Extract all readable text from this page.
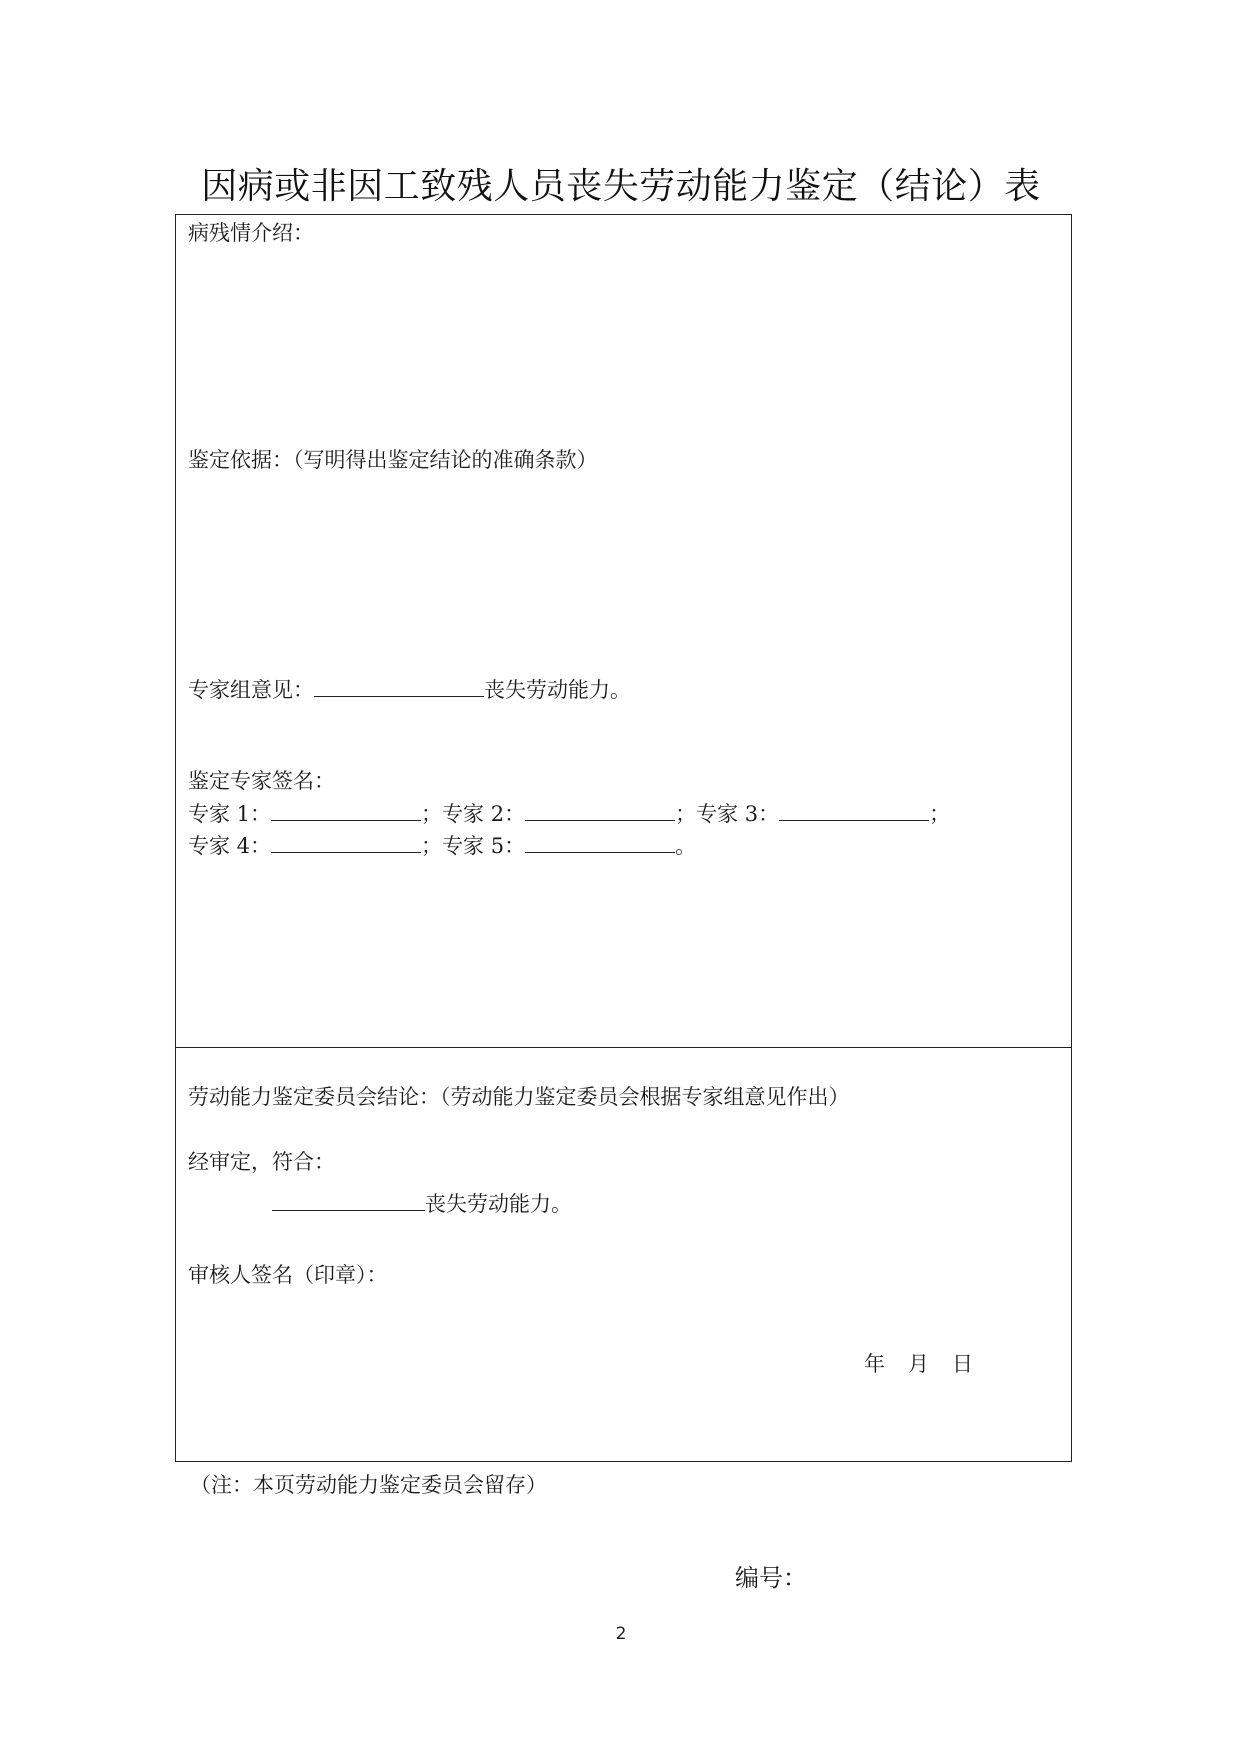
因病或非因工致残人员丧失劳动能力鉴定（结论）表
病残情介绍：
鉴定依据：（写明得出鉴定结论的准确条款）
专家组意见：	丧失劳动能力。
鉴定专家签名：
专家 1：	；专家 2：	；专家 3：	；
专家 4：	；专家 5：	。
劳动能力鉴定委员会结论：（劳动能力鉴定委员会根据专家组意见作出）
经审定，符合：
丧失劳动能力。
审核人签名（印章）：
年 月 日
（注：本页劳动能力鉴定委员会留存）
编号：
2
